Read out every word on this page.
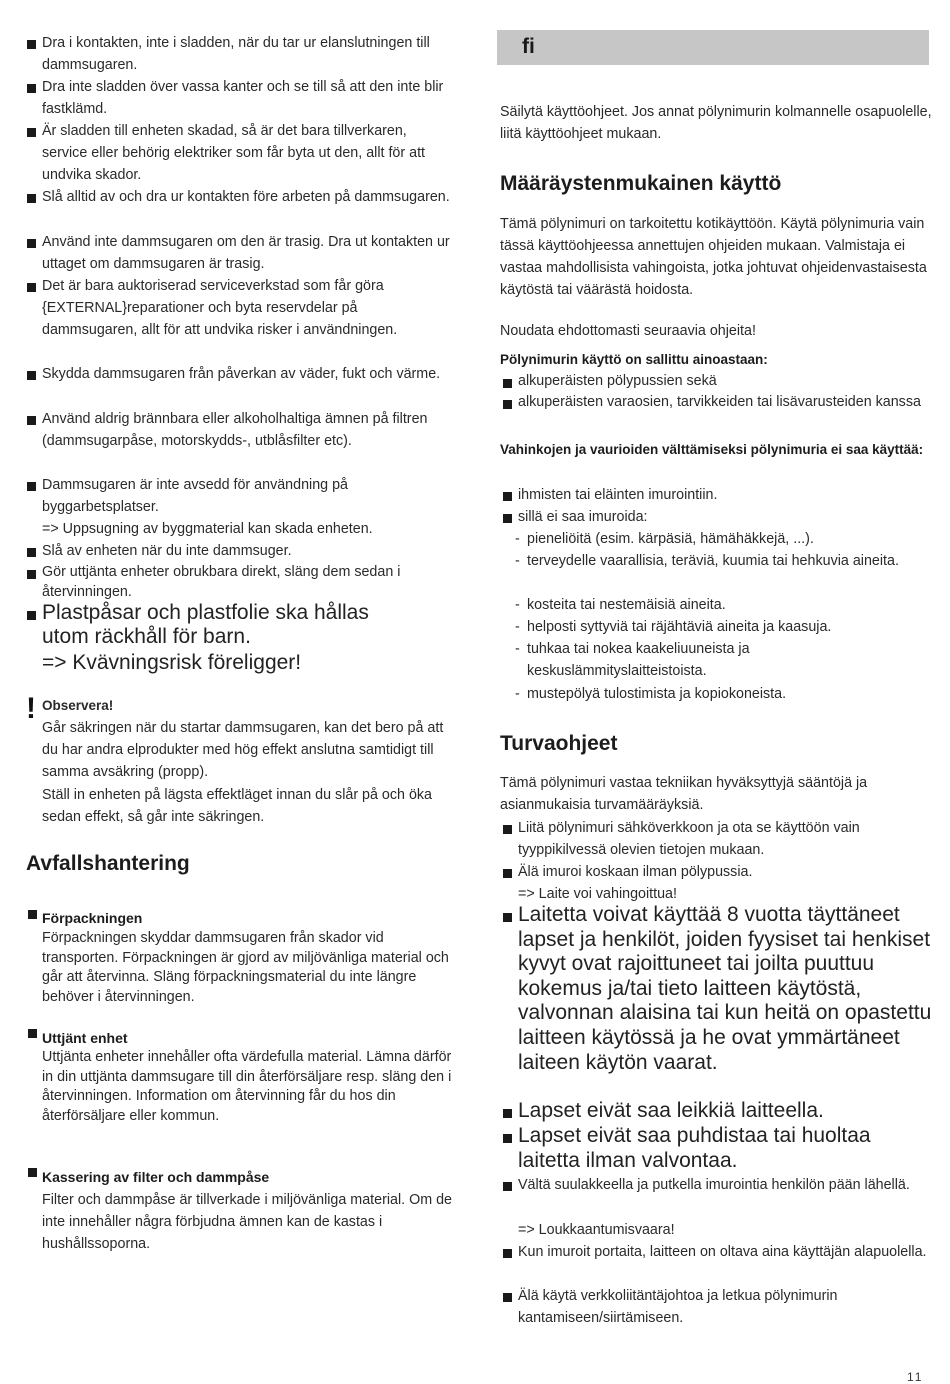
Dra i kontakten, inte i sladden, när du tar ur elanslutningen till dammsugaren.
Dra inte sladden över vassa kanter och se till så att den inte blir fastklämd.
Är sladden till enheten skadad, så är det bara tillverkaren, service eller behörig elektriker som får byta ut den, allt för att undvika skador.
Slå alltid av och dra ur kontakten före arbeten på dammsugaren.
Använd inte dammsugaren om den är trasig. Dra ut kontakten ur uttaget om dammsugaren är trasig.
Det är bara auktoriserad serviceverkstad som får göra {EXTERNAL}reparationer och byta reservdelar på dammsugaren, allt för att undvika risker i användningen.
Skydda dammsugaren från påverkan av väder, fukt och värme.
Använd aldrig brännbara eller alkoholhaltiga ämnen på filtren (dammsugarpåse, motorskydds-, utblåsfilter etc).
Dammsugaren är inte avsedd för användning på byggarbetsplatser.
=> Uppsugning av byggmaterial kan skada enheten.
Slå av enheten när du inte dammsuger.
Gör uttjänta enheter obrukbara direkt, släng dem sedan i återvinningen.
Plastpåsar och plastfolie ska hållas
utom räckhåll för barn.
=> Kvävningsrisk föreligger!
! Observera!
Går säkringen när du startar dammsugaren, kan det bero på att du har andra elprodukter med hög effekt anslutna samtidigt till samma avsäkring (propp).
Ställ in enheten på lägsta effektläget innan du slår på och öka sedan effekt, så går inte säkringen.
Avfallshantering
Förpackningen
Förpackningen skyddar dammsugaren från skador vid transporten. Förpackningen är gjord av miljövänliga material och går att återvinna. Släng förpackningsmaterial du inte längre behöver i återvinningen.
Uttjänt enhet
Uttjänta enheter innehåller ofta värdefulla material. Lämna därför in din uttjänta dammsugare till din återförsäljare resp. släng den i återvinningen. Information om återvinning får du hos din återförsäljare eller kommun.
Kassering av filter och dammpåse
Filter och dammpåse är tillverkade i miljövänliga material. Om de inte innehåller några förbjudna ämnen kan de kastas i hushållssoporna.
fi
Säilytä käyttöohjeet. Jos annat pölynimurin kolmannelle osapuolelle, liitä käyttöohjeet mukaan.
Määräystenmukainen käyttö
Tämä pölynimuri on tarkoitettu kotikäyttöön. Käytä pölynimuria vain tässä käyttöohjeessa annettujen ohjeiden mukaan. Valmistaja ei vastaa mahdollisista vahingoista, jotka johtuvat ohjeidenvastaisesta käytöstä tai väärästä hoidosta.
Noudata ehdottomasti seuraavia ohjeita!
Pölynimurin käyttö on sallittu ainoastaan:
alkuperäisten pölypussien sekä
alkuperäisten varaosien, tarvikkeiden tai lisävarusteiden kanssa
Vahinkojen ja vaurioiden välttämiseksi pölynimuria ei saa käyttää:
ihmisten tai eläinten imurointiin.
sillä ei saa imuroida:
- pieneliöitä (esim. kärpäsiä, hämähäkkejä, ...).
- terveydelle vaarallisia, teräviä, kuumia tai hehkuvia aineita.
- kosteita tai nestemäisiä aineita.
- helposti syttyviä tai räjähtäviä aineita ja kaasuja.
- tuhkaa tai nokea kaakeliuuneista ja keskuslämmityslaitteistoista.
- mustepölyä tulostimista ja kopiokoneista.
Turvaohjeet
Tämä pölynimuri vastaa tekniikan hyväksyttyjä sääntöjä ja asianmukaisia turvamääräyksiä.
Liitä pölynimuri sähköverkkoon ja ota se käyttöön vain tyyppikilvessä olevien tietojen mukaan.
Älä imuroi koskaan ilman pölypussia.
=> Laite voi vahingoittua!
Laitetta voivat käyttää 8 vuotta täyttäneet lapset ja henkilöt, joiden fyysiset tai henkiset kyvyt ovat rajoittuneet tai joilta puuttuu kokemus ja/tai tieto laitteen käytöstä, valvonnan alaisina tai kun heitä on opastettu laitteen käytössä ja he ovat ymmärtäneet laiteen käytön vaarat.
Lapset eivät saa leikkiä laitteella.
Lapset eivät saa puhdistaa tai huoltaa laitetta ilman valvontaa.
Vältä suulakkeella ja putkella imurointia henkilön pään lähellä.
=> Loukkaantumisvaara!
Kun imuroit portaita, laitteen on oltava aina käyttäjän alapuolella.
Älä käytä verkkoliitäntäjohtoa ja letkua pölynimurin kantamiseen/siirtämiseen.
11
